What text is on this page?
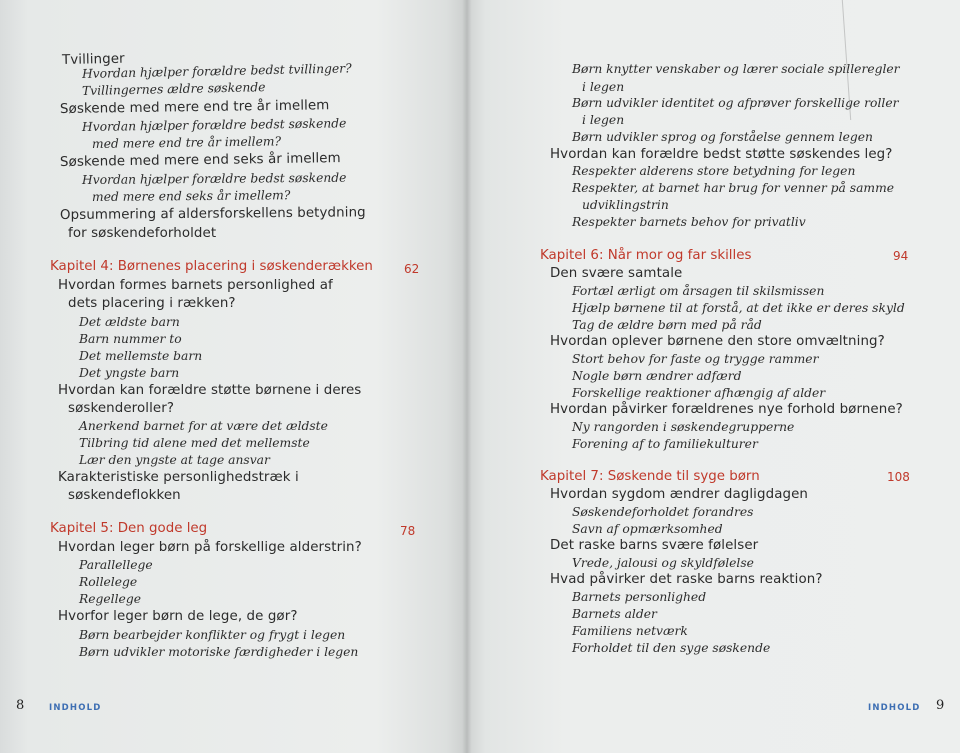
Tvillinger
Hvordan hjælper forældre bedst tvillinger?
Tvillingernes ældre søskende
Søskende med mere end tre år imellem
Hvordan hjælper forældre bedst søskende
med mere end tre år imellem?
Søskende med mere end seks år imellem
Hvordan hjælper forældre bedst søskende
med mere end seks år imellem?
Opsummering af aldersforskellens betydning
for søskendeforholdet
Kapitel 4: Børnenes placering i søskenderækken	62
Hvordan formes barnets personlighed af
dets placering i rækken?
Det ældste barn
Barn nummer to
Det mellemste barn
Det yngste barn
Hvordan kan forældre støtte børnene i deres
søskenderoller?
Anerkend barnet for at være det ældste
Tilbring tid alene med det mellemste
Lær den yngste at tage ansvar
Karakteristiske personlighedstræk i
søskendeflokken
Kapitel 5: Den gode leg	78
Hvordan leger børn på forskellige alderstrin?
Parallellege
Rollelege
Regellege
Hvorfor leger børn de lege, de gør?
Børn bearbejder konflikter og frygt i legen
Børn udvikler motoriske færdigheder i legen
8	INDHOLD
Børn knytter venskaber og lærer sociale spilleregler
i legen
Børn udvikler identitet og afprøver forskellige roller
i legen
Børn udvikler sprog og forståelse gennem legen
Hvordan kan forældre bedst støtte søskendes leg?
Respekter alderens store betydning for legen
Respekter, at barnet har brug for venner på samme
udviklingstrin
Respekter barnets behov for privatliv
Kapitel 6: Når mor og far skilles	94
Den svære samtale
Fortæl ærligt om årsagen til skilsmissen
Hjælp børnene til at forstå, at det ikke er deres skyld
Tag de ældre børn med på råd
Hvordan oplever børnene den store omvæltning?
Stort behov for faste og trygge rammer
Nogle børn ændrer adfærd
Forskellige reaktioner afhængig af alder
Hvordan påvirker forældrenes nye forhold børnene?
Ny rangorden i søskendegrupperne
Forening af to familiekulturer
Kapitel 7: Søskende til syge børn	108
Hvordan sygdom ændrer dagligdagen
Søskendeforholdet forandres
Savn af opmærksomhed
Det raske barns svære følelser
Vrede, jalousi og skyldfølelse
Hvad påvirker det raske barns reaktion?
Barnets personlighed
Barnets alder
Familiens netværk
Forholdet til den syge søskende
INDHOLD 9
